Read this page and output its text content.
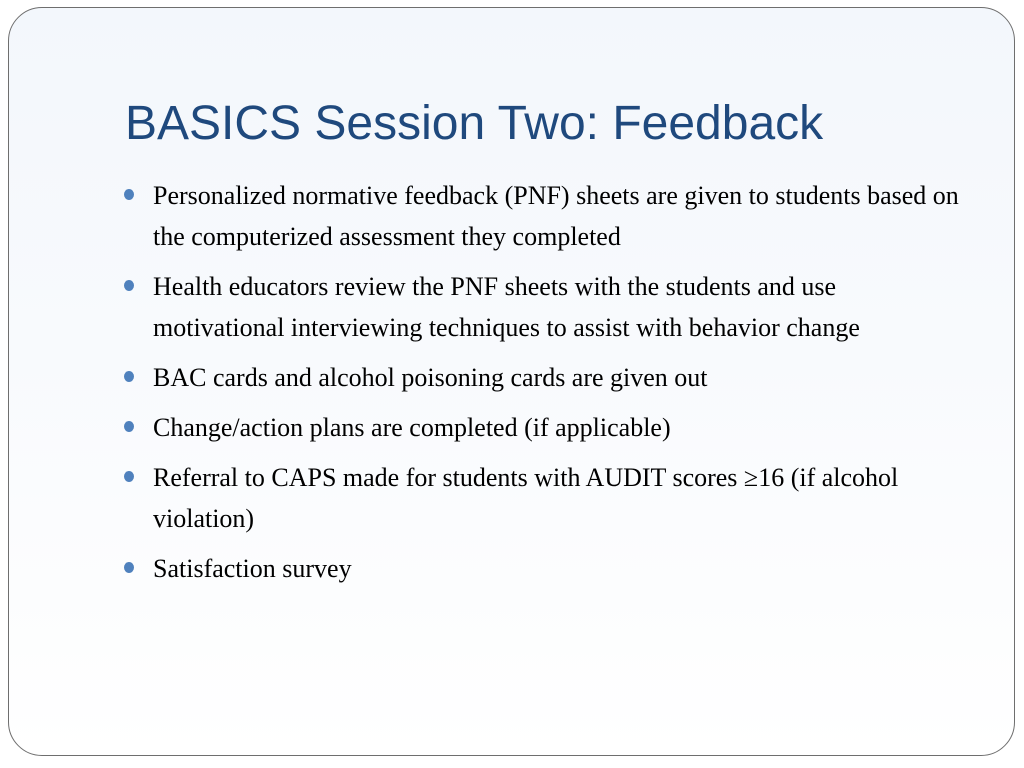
BASICS Session Two: Feedback
Personalized normative feedback (PNF) sheets are given to students based on the computerized assessment they completed
Health educators review the PNF sheets with the students and use motivational interviewing techniques to assist with behavior change
BAC cards and alcohol poisoning cards are given out
Change/action plans are completed (if applicable)
Referral to CAPS made for students with AUDIT scores ≥16 (if alcohol violation)
Satisfaction survey
